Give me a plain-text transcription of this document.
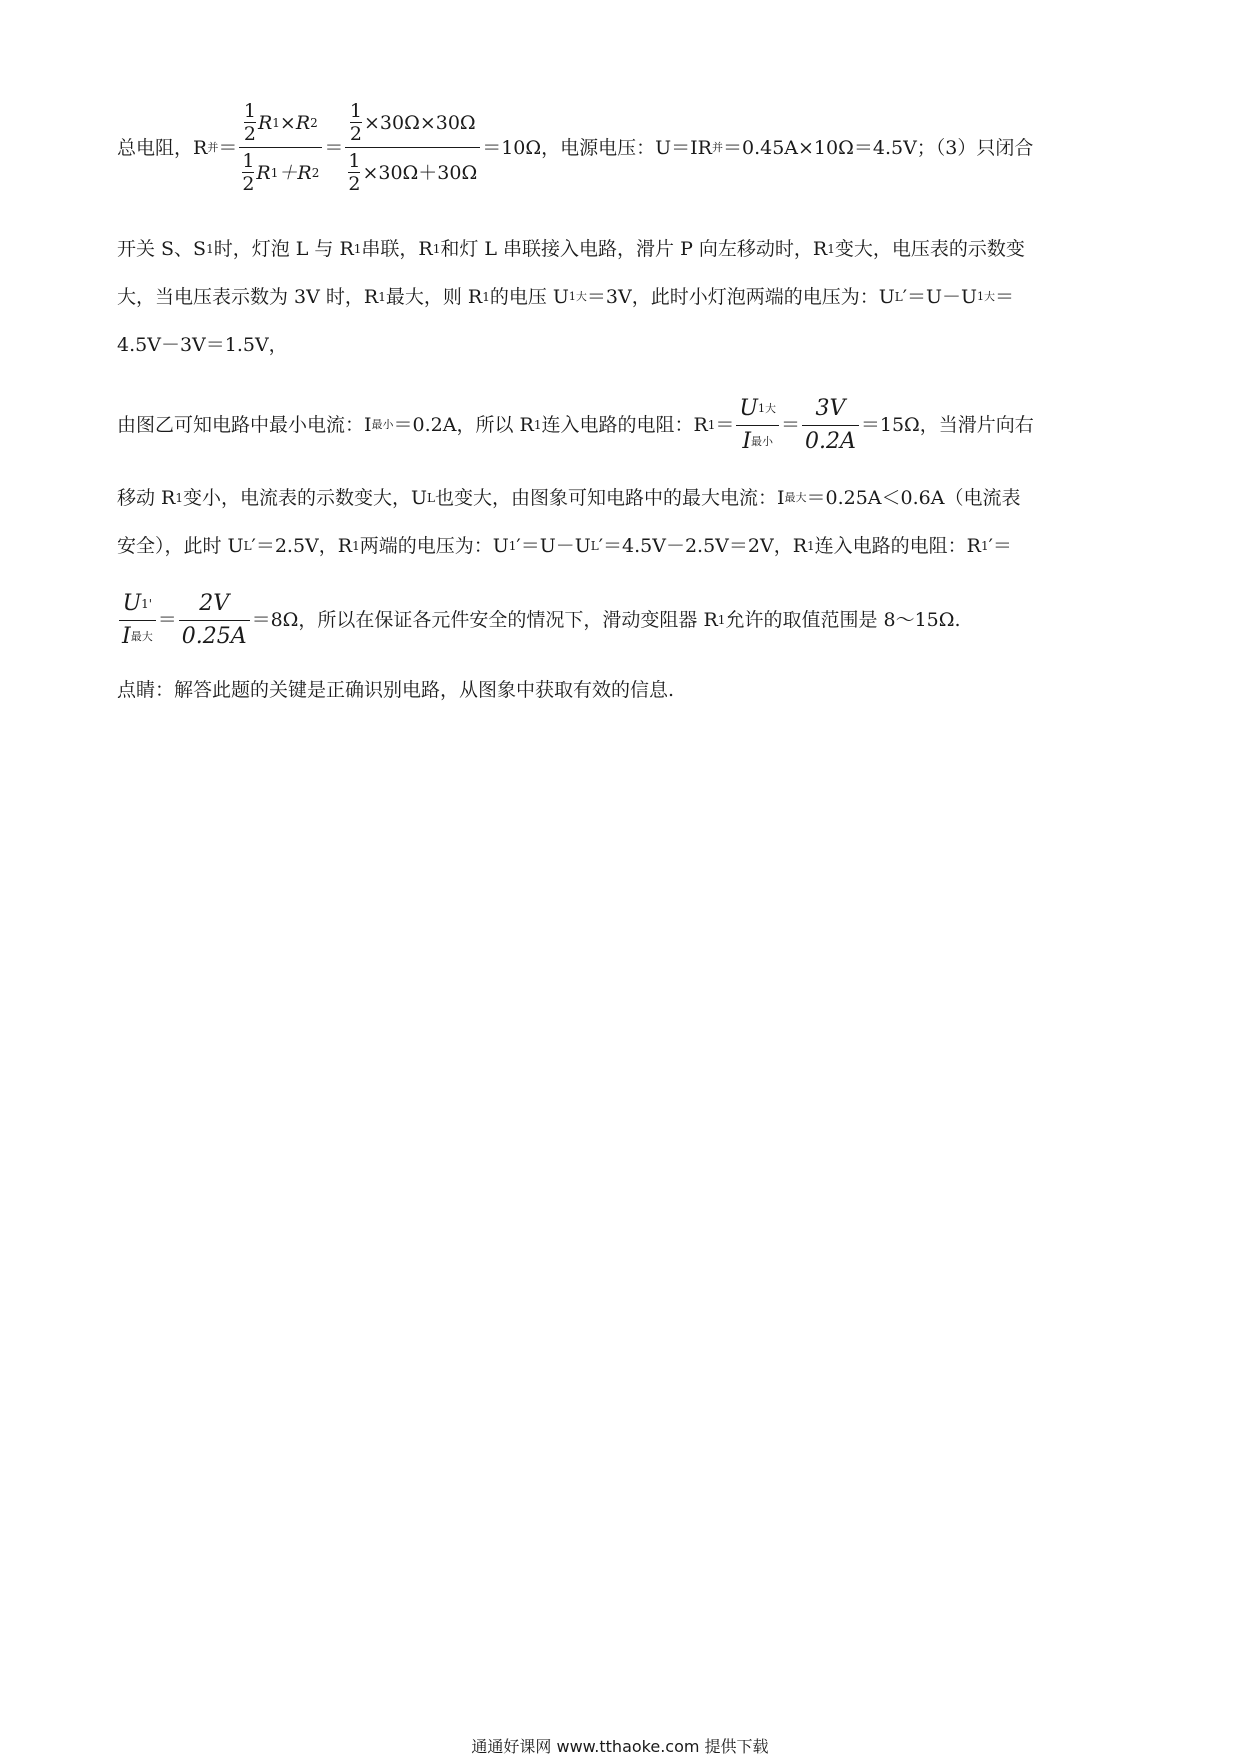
总电阻，R 并 ＝ 1
2
R 1 ×R 2
1
2
R 1 ＋R 2 ＝ 1
2
×30Ω×30Ω
1
2
×30Ω＋30Ω ＝10Ω，电源电压：U＝IR 并 ＝0.45A×10Ω＝4.5V；（3）只闭合
开关 S、S 1 时，灯泡 L 与 R 1 串联，R 1 和灯 L 串联接入电路，滑片 P 向左移动时，R 1 变大，电压表的示数变
大，当电压表示数为 3V 时，R 1 最大，则 R 1 的电压 U 1大 ＝3V，此时小灯泡两端的电压为：U L ′＝U－U 1大 ＝
4.5V－3V＝1.5V，
由图乙可知电路中最小电流：I 最小 ＝0.2A，所以 R 1 连入电路的电阻：R $1 = \frac{\text{U 1大}}{\text{I 最小}} = \frac{3V}{0.2A} =15\Omega$，当滑片向右
移动 R 1 变小，电流表的示数变大，U L 也变大，由图象可知电路中的最大电流：I 最大 ＝0.25A＜0.6A（电流表
安全），此时 U L ′＝2.5V，R 1 两端的电压为：U 1 ′＝U－U L ′＝4.5V－2.5V＝2V，R 1 连入电路的电阻：R 1 ′＝
$\frac{U 1 '}{\text{I 最大}} = \frac{2V}{0.25A} =8\Omega$，所以在保证各元件安全的情况下，滑动变阻器 R 1 允许的取值范围是 8～15Ω.
点睛：解答此题的关键是正确识别电路，从图象中获取有效的信息.
通通好课网 www.tthaoke.com 提供下载
